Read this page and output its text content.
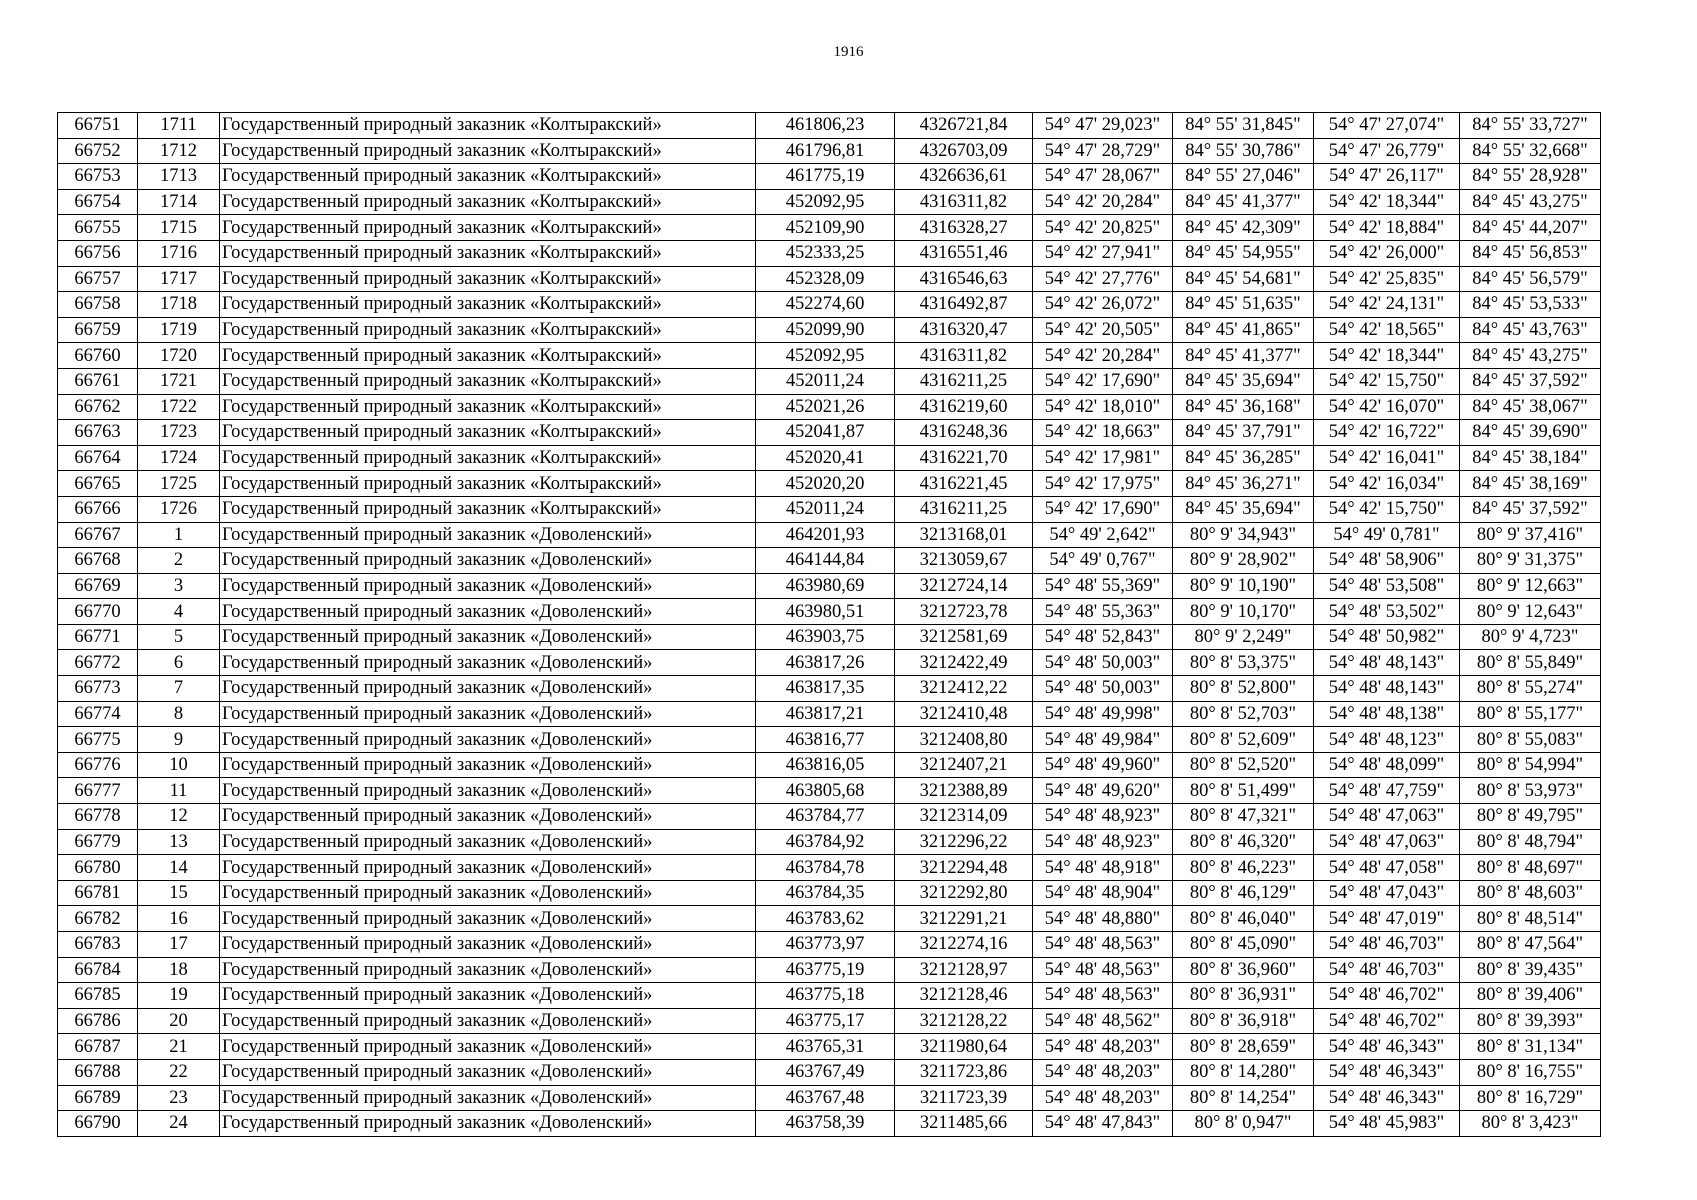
1916
66751	1711	Государственный природный заказник «Колтыракский»	461806,23	4326721,84	54° 47' 29,023"	84° 55' 31,845"	54° 47' 27,074"	84° 55' 33,727"
66752	1712	Государственный природный заказник «Колтыракский»	461796,81	4326703,09	54° 47' 28,729"	84° 55' 30,786"	54° 47' 26,779"	84° 55' 32,668"
66753	1713	Государственный природный заказник «Колтыракский»	461775,19	4326636,61	54° 47' 28,067"	84° 55' 27,046"	54° 47' 26,117"	84° 55' 28,928"
66754	1714	Государственный природный заказник «Колтыракский»	452092,95	4316311,82	54° 42' 20,284"	84° 45' 41,377"	54° 42' 18,344"	84° 45' 43,275"
66755	1715	Государственный природный заказник «Колтыракский»	452109,90	4316328,27	54° 42' 20,825"	84° 45' 42,309"	54° 42' 18,884"	84° 45' 44,207"
66756	1716	Государственный природный заказник «Колтыракский»	452333,25	4316551,46	54° 42' 27,941"	84° 45' 54,955"	54° 42' 26,000"	84° 45' 56,853"
66757	1717	Государственный природный заказник «Колтыракский»	452328,09	4316546,63	54° 42' 27,776"	84° 45' 54,681"	54° 42' 25,835"	84° 45' 56,579"
66758	1718	Государственный природный заказник «Колтыракский»	452274,60	4316492,87	54° 42' 26,072"	84° 45' 51,635"	54° 42' 24,131"	84° 45' 53,533"
66759	1719	Государственный природный заказник «Колтыракский»	452099,90	4316320,47	54° 42' 20,505"	84° 45' 41,865"	54° 42' 18,565"	84° 45' 43,763"
66760	1720	Государственный природный заказник «Колтыракский»	452092,95	4316311,82	54° 42' 20,284"	84° 45' 41,377"	54° 42' 18,344"	84° 45' 43,275"
66761	1721	Государственный природный заказник «Колтыракский»	452011,24	4316211,25	54° 42' 17,690"	84° 45' 35,694"	54° 42' 15,750"	84° 45' 37,592"
66762	1722	Государственный природный заказник «Колтыракский»	452021,26	4316219,60	54° 42' 18,010"	84° 45' 36,168"	54° 42' 16,070"	84° 45' 38,067"
66763	1723	Государственный природный заказник «Колтыракский»	452041,87	4316248,36	54° 42' 18,663"	84° 45' 37,791"	54° 42' 16,722"	84° 45' 39,690"
66764	1724	Государственный природный заказник «Колтыракский»	452020,41	4316221,70	54° 42' 17,981"	84° 45' 36,285"	54° 42' 16,041"	84° 45' 38,184"
66765	1725	Государственный природный заказник «Колтыракский»	452020,20	4316221,45	54° 42' 17,975"	84° 45' 36,271"	54° 42' 16,034"	84° 45' 38,169"
66766	1726	Государственный природный заказник «Колтыракский»	452011,24	4316211,25	54° 42' 17,690"	84° 45' 35,694"	54° 42' 15,750"	84° 45' 37,592"
66767	1	Государственный природный заказник «Доволенский»	464201,93	3213168,01	54° 49' 2,642"	80° 9' 34,943"	54° 49' 0,781"	80° 9' 37,416"
66768	2	Государственный природный заказник «Доволенский»	464144,84	3213059,67	54° 49' 0,767"	80° 9' 28,902"	54° 48' 58,906"	80° 9' 31,375"
66769	3	Государственный природный заказник «Доволенский»	463980,69	3212724,14	54° 48' 55,369"	80° 9' 10,190"	54° 48' 53,508"	80° 9' 12,663"
66770	4	Государственный природный заказник «Доволенский»	463980,51	3212723,78	54° 48' 55,363"	80° 9' 10,170"	54° 48' 53,502"	80° 9' 12,643"
66771	5	Государственный природный заказник «Доволенский»	463903,75	3212581,69	54° 48' 52,843"	80° 9' 2,249"	54° 48' 50,982"	80° 9' 4,723"
66772	6	Государственный природный заказник «Доволенский»	463817,26	3212422,49	54° 48' 50,003"	80° 8' 53,375"	54° 48' 48,143"	80° 8' 55,849"
66773	7	Государственный природный заказник «Доволенский»	463817,35	3212412,22	54° 48' 50,003"	80° 8' 52,800"	54° 48' 48,143"	80° 8' 55,274"
66774	8	Государственный природный заказник «Доволенский»	463817,21	3212410,48	54° 48' 49,998"	80° 8' 52,703"	54° 48' 48,138"	80° 8' 55,177"
66775	9	Государственный природный заказник «Доволенский»	463816,77	3212408,80	54° 48' 49,984"	80° 8' 52,609"	54° 48' 48,123"	80° 8' 55,083"
66776	10	Государственный природный заказник «Доволенский»	463816,05	3212407,21	54° 48' 49,960"	80° 8' 52,520"	54° 48' 48,099"	80° 8' 54,994"
66777	11	Государственный природный заказник «Доволенский»	463805,68	3212388,89	54° 48' 49,620"	80° 8' 51,499"	54° 48' 47,759"	80° 8' 53,973"
66778	12	Государственный природный заказник «Доволенский»	463784,77	3212314,09	54° 48' 48,923"	80° 8' 47,321"	54° 48' 47,063"	80° 8' 49,795"
66779	13	Государственный природный заказник «Доволенский»	463784,92	3212296,22	54° 48' 48,923"	80° 8' 46,320"	54° 48' 47,063"	80° 8' 48,794"
66780	14	Государственный природный заказник «Доволенский»	463784,78	3212294,48	54° 48' 48,918"	80° 8' 46,223"	54° 48' 47,058"	80° 8' 48,697"
66781	15	Государственный природный заказник «Доволенский»	463784,35	3212292,80	54° 48' 48,904"	80° 8' 46,129"	54° 48' 47,043"	80° 8' 48,603"
66782	16	Государственный природный заказник «Доволенский»	463783,62	3212291,21	54° 48' 48,880"	80° 8' 46,040"	54° 48' 47,019"	80° 8' 48,514"
66783	17	Государственный природный заказник «Доволенский»	463773,97	3212274,16	54° 48' 48,563"	80° 8' 45,090"	54° 48' 46,703"	80° 8' 47,564"
66784	18	Государственный природный заказник «Доволенский»	463775,19	3212128,97	54° 48' 48,563"	80° 8' 36,960"	54° 48' 46,703"	80° 8' 39,435"
66785	19	Государственный природный заказник «Доволенский»	463775,18	3212128,46	54° 48' 48,563"	80° 8' 36,931"	54° 48' 46,702"	80° 8' 39,406"
66786	20	Государственный природный заказник «Доволенский»	463775,17	3212128,22	54° 48' 48,562"	80° 8' 36,918"	54° 48' 46,702"	80° 8' 39,393"
66787	21	Государственный природный заказник «Доволенский»	463765,31	3211980,64	54° 48' 48,203"	80° 8' 28,659"	54° 48' 46,343"	80° 8' 31,134"
66788	22	Государственный природный заказник «Доволенский»	463767,49	3211723,86	54° 48' 48,203"	80° 8' 14,280"	54° 48' 46,343"	80° 8' 16,755"
66789	23	Государственный природный заказник «Доволенский»	463767,48	3211723,39	54° 48' 48,203"	80° 8' 14,254"	54° 48' 46,343"	80° 8' 16,729"
66790	24	Государственный природный заказник «Доволенский»	463758,39	3211485,66	54° 48' 47,843"	80° 8' 0,947"	54° 48' 45,983"	80° 8' 3,423"
